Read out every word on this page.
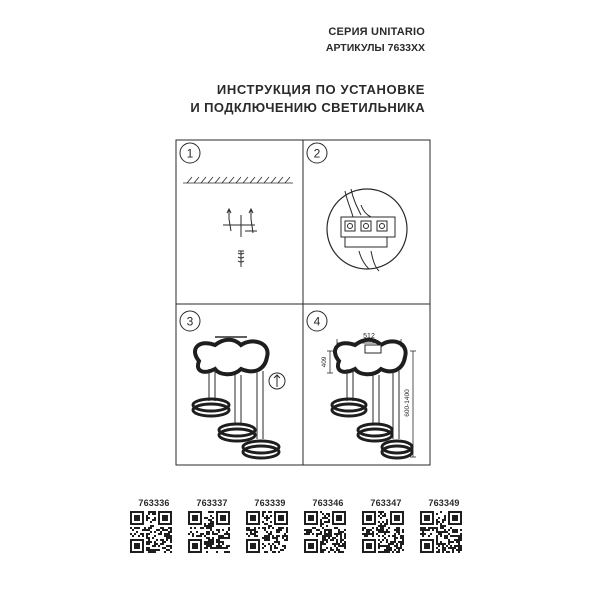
СЕРИЯ UNITARIO
АРТИКУЛЫ 7633XX
ИНСТРУКЦИЯ ПО УСТАНОВКЕ
И ПОДКЛЮЧЕНИЮ СВЕТИЛЬНИКА
1	2
3	4
512
409
600-1400
763336	763337	763339	763346	763347	763349
